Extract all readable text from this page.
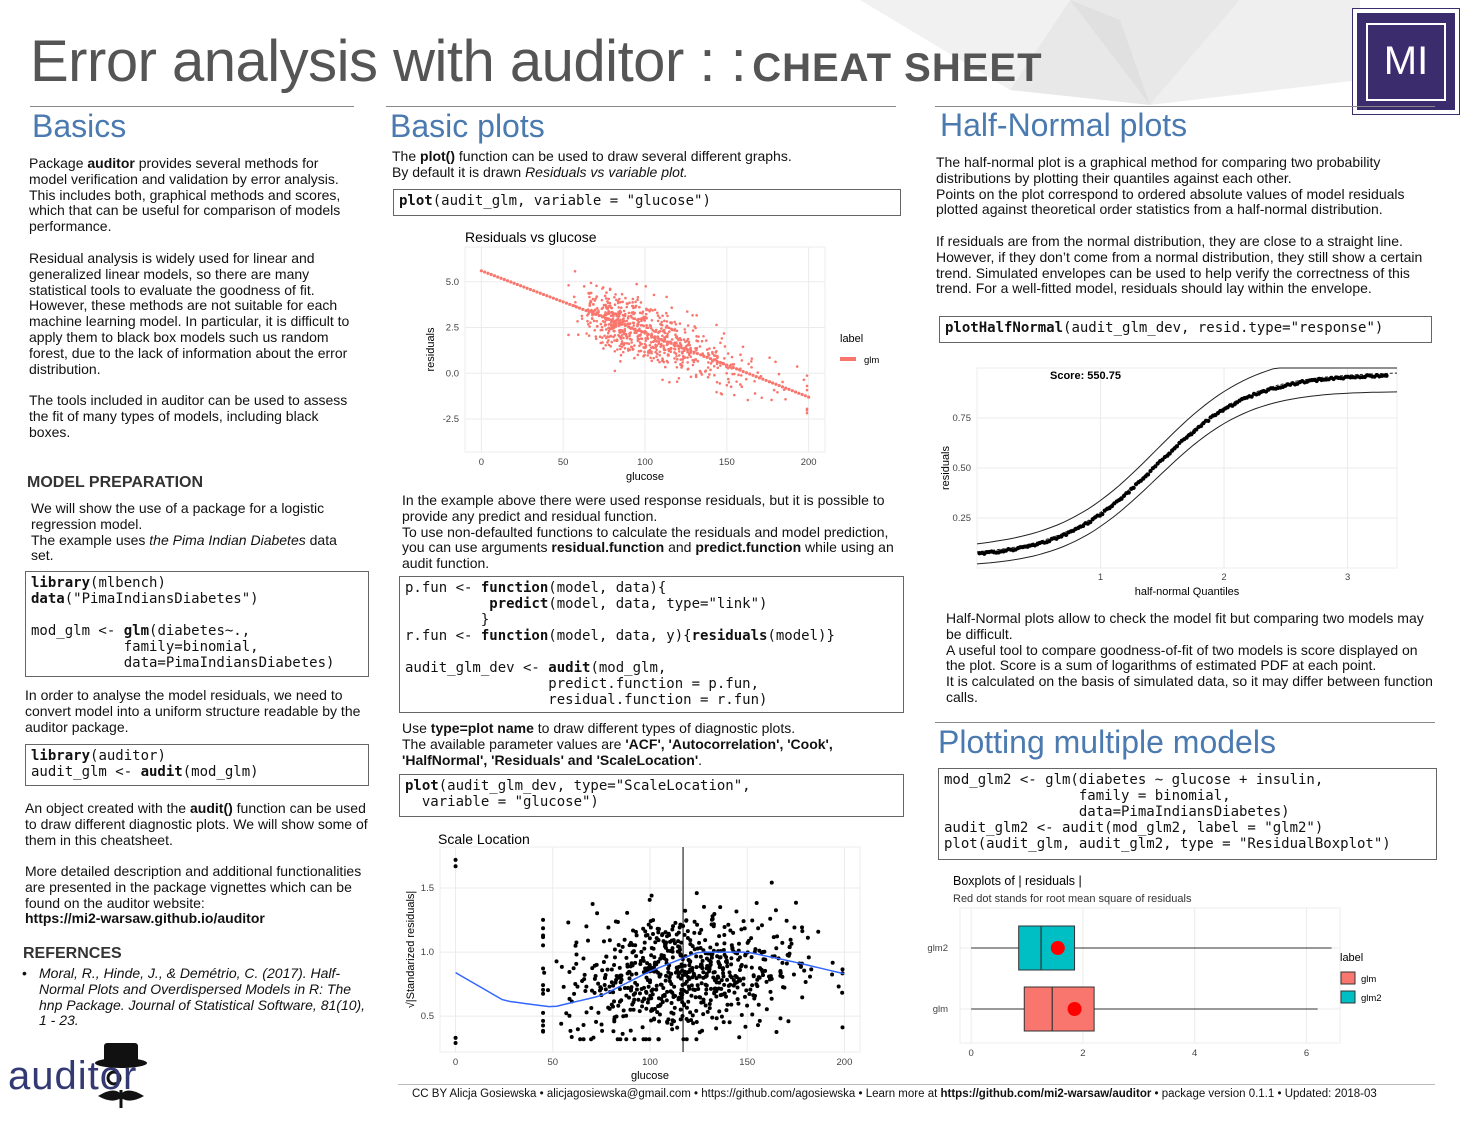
Error analysis with auditor : : CHEAT SHEET	MI
Basics
Package auditor provides several methods for model verification and validation by error analysis. This includes both, graphical methods and scores, which that can be useful for comparison of models performance.
Residual analysis is widely used for linear and generalized linear models, so there are many statistical tools to evaluate the goodness of fit. However, these methods are not suitable for each machine learning model. In particular, it is difficult to apply them to black box models such us random forest, due to the lack of information about the error distribution.
The tools included in auditor can be used to assess the fit of many types of models, including black boxes.
MODEL PREPARATION
We will show the use of a package for a logistic regression model.
The example uses the Pima Indian Diabetes data set.
library(mlbench)
data("PimaIndiansDiabetes")

mod_glm <- glm(diabetes~.,
family=binomial,
data=PimaIndiansDiabetes)
In order to analyse the model residuals, we need to convert model into a uniform structure readable by the auditor package.
library(auditor)
audit_glm <- audit(mod_glm)
An object created with the audit() function can be used to draw different diagnostic plots. We will show some of them in this cheatsheet.
More detailed description and additional functionalities are presented in the package vignettes which can be found on the auditor website:
https://mi2-warsaw.github.io/auditor
REFERNCES
• Moral, R., Hinde, J., & Demétrio, C. (2017). Half-Normal Plots and Overdispersed Models in R: The hnp Package. Journal of Statistical Software, 81(10), 1 - 23.
auditor
Basic plots
The plot() function can be used to draw several different graphs.
By default it is drawn Residuals vs variable plot.
plot(audit_glm, variable = "glucose")
Residuals vs glucose
0	50	100	150	200
-2.5
0.0
2.5
5.0
glucose
residuals	label
glm
In the example above there were used response residuals, but it is possible to provide any predict and residual function.
To use non-defaulted functions to calculate the residuals and model prediction, you can use arguments residual.function and predict.function while using an audit function.
p.fun <- function(model, data){
predict(model, data, type="link")
}
r.fun <- function(model, data, y){residuals(model)}

audit_glm_dev <- audit(mod_glm,
predict.function = p.fun,
residual.function = r.fun)
Use type=plot name to draw different types of diagnostic plots.
The available parameter values are 'ACF', 'Autocorrelation', 'Cook', 'HalfNormal', 'Residuals' and 'ScaleLocation'.
plot(audit_glm_dev, type="ScaleLocation",
variable = "glucose")
Scale Location
0	50	100	150	200
0.5
1.0
1.5
glucose
√|Standarized residuals|
Half-Normal plots
The half-normal plot is a graphical method for comparing two probability distributions by plotting their quantiles against each other.
Points on the plot correspond to ordered absolute values of model residuals plotted against theoretical order statistics from a half-normal distribution.
If residuals are from the normal distribution, they are close to a straight line. However, if they don’t come from a normal distribution, they still show a certain trend. Simulated envelopes can be used to help verify the correctness of this trend. For a well-fitted model, residuals should lay within the envelope.
plotHalfNormal(audit_glm_dev, resid.type="response")
1	2	3
0.25
0.50
0.75
Score: 550.75
half-normal Quantiles
residuals
Half-Normal plots allow to check the model fit but comparing two models may be difficult.
A useful tool to compare goodness-of-fit of two models is score displayed on the plot. Score is a sum of logarithms of estimated PDF at each point.
It is calculated on the basis of simulated data, so it may differ between function calls.
Plotting multiple models
mod_glm2 <- glm(diabetes ~ glucose + insulin,
family = binomial,
data=PimaIndiansDiabetes)
audit_glm2 <- audit(mod_glm2, label = "glm2")
plot(audit_glm, audit_glm2, type = "ResidualBoxplot")
Boxplots of | residuals |
Red dot stands for root mean square of residuals
0	2	4	6
glm2
glm
label
glm
glm2
CC BY Alicja Gosiewska • alicjagosiewska@gmail.com • https://github.com/agosiewska • Learn more at https://github.com/mi2-warsaw/auditor • package version 0.1.1 • Updated: 2018-03
